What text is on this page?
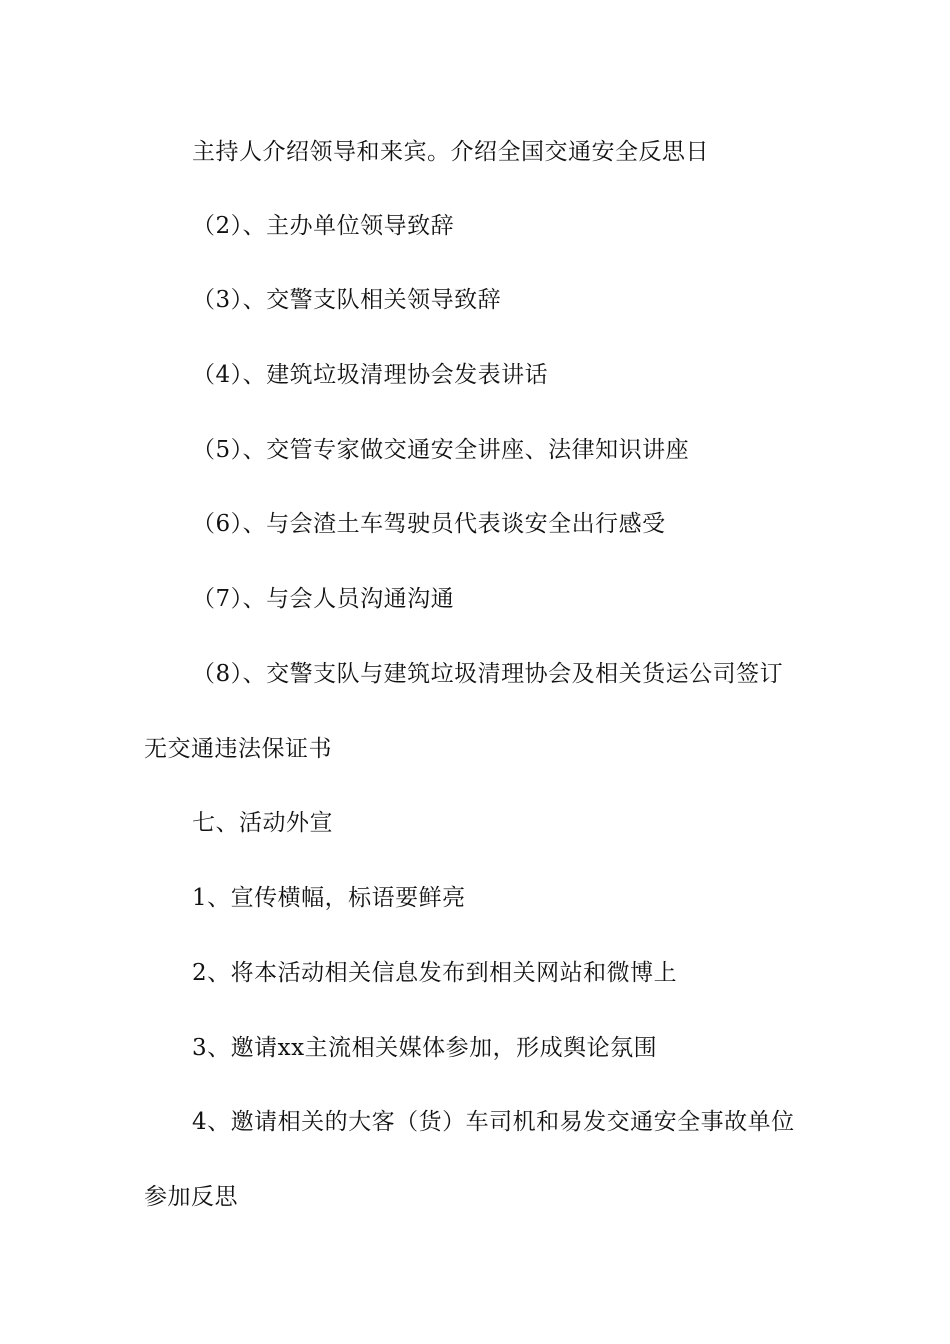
主持人介绍领导和来宾。介绍全国交通安全反思日
（2）、主办单位领导致辞
（3）、交警支队相关领导致辞
（4）、建筑垃圾清理协会发表讲话
（5）、交管专家做交通安全讲座、法律知识讲座
（6）、与会渣土车驾驶员代表谈安全出行感受
（7）、与会人员沟通沟通
（8）、交警支队与建筑垃圾清理协会及相关货运公司签订
无交通违法保证书
七、活动外宣
1、宣传横幅，标语要鲜亮
2、将本活动相关信息发布到相关网站和微博上
3、邀请xx主流相关媒体参加，形成舆论氛围
4、邀请相关的大客（货）车司机和易发交通安全事故单位
参加反思
